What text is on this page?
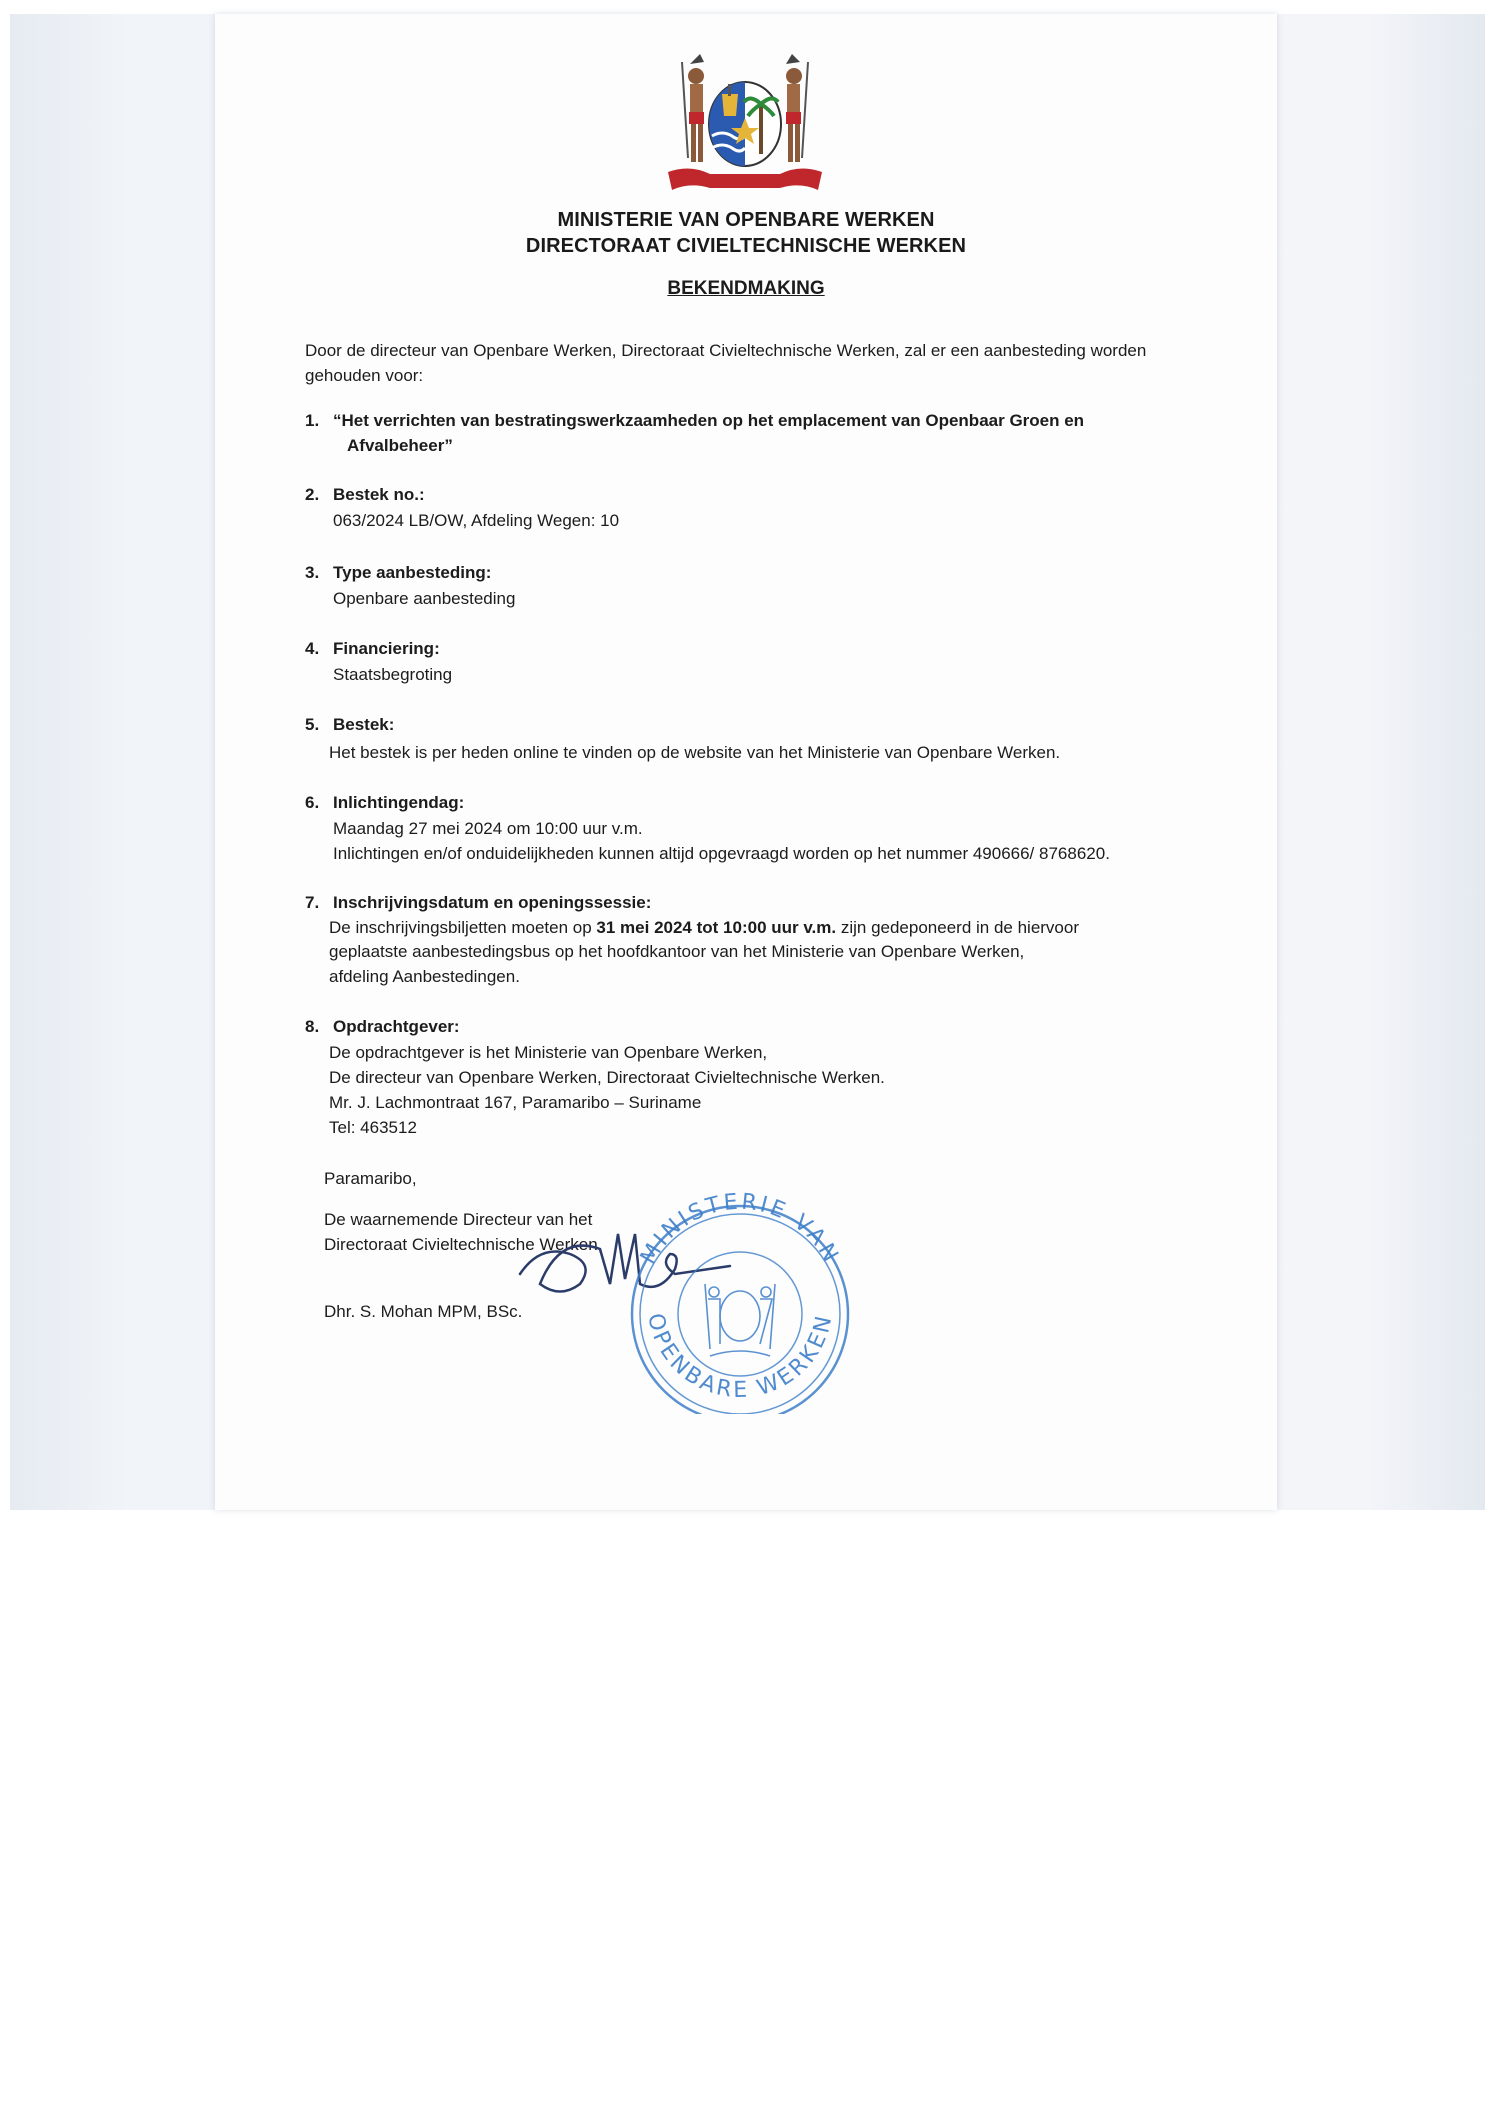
MINISTERIE VAN OPENBARE WERKEN
DIRECTORAAT CIVIELTECHNISCHE WERKEN
BEKENDMAKING
Door de directeur van Openbare Werken, Directoraat Civieltechnische Werken, zal er een aanbesteding worden
gehouden voor:
1. “Het verrichten van bestratingswerkzaamheden op het emplacement van Openbaar Groen en
Afvalbeheer”
2. Bestek no.:
063/2024 LB/OW, Afdeling Wegen: 10
3. Type aanbesteding:
Openbare aanbesteding
4. Financiering:
Staatsbegroting
5. Bestek:
Het bestek is per heden online te vinden op de website van het Ministerie van Openbare Werken.
6. Inlichtingendag:
Maandag 27 mei 2024 om 10:00 uur v.m.
Inlichtingen en/of onduidelijkheden kunnen altijd opgevraagd worden op het nummer 490666/ 8768620.
7. Inschrijvingsdatum en openingssessie:
De inschrijvingsbiljetten moeten op 31 mei 2024 tot 10:00 uur v.m. zijn gedeponeerd in de hiervoor
geplaatste aanbestedingsbus op het hoofdkantoor van het Ministerie van Openbare Werken,
afdeling Aanbestedingen.
8. Opdrachtgever:
De opdrachtgever is het Ministerie van Openbare Werken,
De directeur van Openbare Werken, Directoraat Civieltechnische Werken.
Mr. J. Lachmontraat 167, Paramaribo – Suriname
Tel: 463512
Paramaribo,
De waarnemende Directeur van het
Directoraat Civieltechnische Werken,
Dhr. S. Mohan MPM, BSc.
MINISTERIE VAN
OPENBARE WERKEN
